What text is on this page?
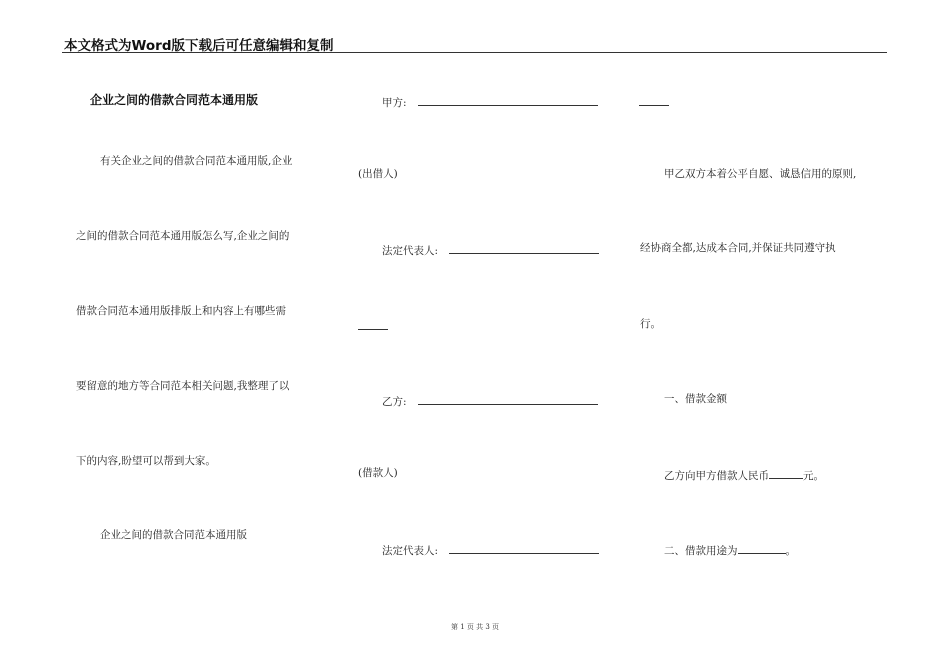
本文格式为Word版下载后可任意编辑和复制
企业之间的借款合同范本通用版
有关企业之间的借款合同范本通用版,企业
之间的借款合同范本通用版怎么写,企业之间的
借款合同范本通用版排版上和内容上有哪些需
要留意的地方等合同范本相关问题,我整理了以
下的内容,盼望可以帮到大家。
企业之间的借款合同范本通用版
甲方:
(出借人)
法定代表人:
乙方:
(借款人)
法定代表人:
甲乙双方本着公平自愿、诚恳信用的原则,
经协商全都,达成本合同,并保证共同遵守执
行。
一、借款金额
乙方向甲方借款人民币	元。
二、借款用途为	。
第 1 页 共 3 页
